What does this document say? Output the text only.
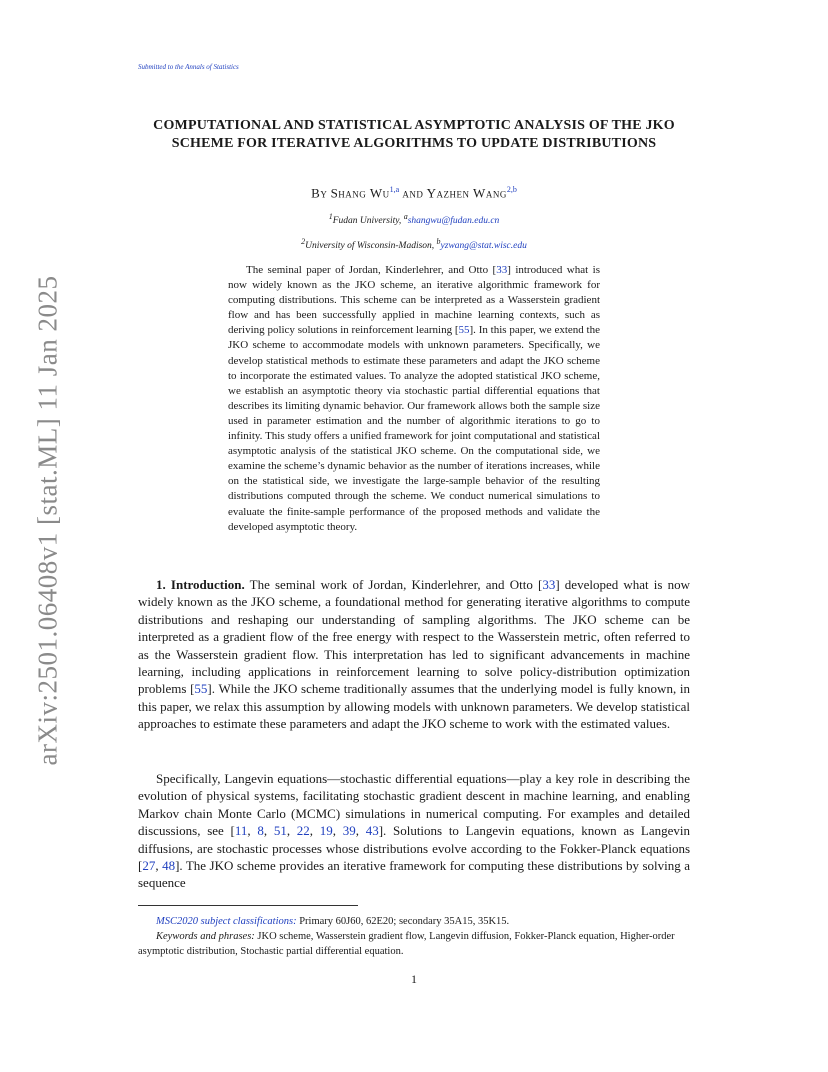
Submitted to the Annals of Statistics
arXiv:2501.06408v1 [stat.ML] 11 Jan 2025
COMPUTATIONAL AND STATISTICAL ASYMPTOTIC ANALYSIS OF THE JKO SCHEME FOR ITERATIVE ALGORITHMS TO UPDATE DISTRIBUTIONS
By Shang Wu$^{1,a}$ and Yazhen Wang$^{2,b}$
$^1$Fudan University, $^a$shangwu@fudan.edu.cn
$^2$University of Wisconsin-Madison, $^b$yzwang@stat.wisc.edu
The seminal paper of Jordan, Kinderlehrer, and Otto [33] introduced what is now widely known as the JKO scheme, an iterative algorithmic framework for computing distributions. This scheme can be interpreted as a Wasserstein gradient flow and has been successfully applied in machine learning contexts, such as deriving policy solutions in reinforcement learning [55]. In this paper, we extend the JKO scheme to accommodate models with unknown parameters. Specifically, we develop statistical methods to estimate these parameters and adapt the JKO scheme to incorporate the estimated values. To analyze the adopted statistical JKO scheme, we establish an asymptotic theory via stochastic partial differential equations that describes its limiting dynamic behavior. Our framework allows both the sample size used in parameter estimation and the number of algorithmic iterations to go to infinity. This study offers a unified framework for joint computational and statistical asymptotic analysis of the statistical JKO scheme. On the computational side, we examine the scheme’s dynamic behavior as the number of iterations increases, while on the statistical side, we investigate the large-sample behavior of the resulting distributions computed through the scheme. We conduct numerical simulations to evaluate the finite-sample performance of the proposed methods and validate the developed asymptotic theory.
1. Introduction. The seminal work of Jordan, Kinderlehrer, and Otto [33] developed what is now widely known as the JKO scheme, a foundational method for generating iterative algorithms to compute distributions and reshaping our understanding of sampling algorithms. The JKO scheme can be interpreted as a gradient flow of the free energy with respect to the Wasserstein metric, often referred to as the Wasserstein gradient flow. This interpretation has led to significant advancements in machine learning, including applications in reinforcement learning to solve policy-distribution optimization problems [55]. While the JKO scheme traditionally assumes that the underlying model is fully known, in this paper, we relax this assumption by allowing models with unknown parameters. We develop statistical approaches to estimate these parameters and adapt the JKO scheme to work with the estimated values.
Specifically, Langevin equations—stochastic differential equations—play a key role in describing the evolution of physical systems, facilitating stochastic gradient descent in machine learning, and enabling Markov chain Monte Carlo (MCMC) simulations in numerical computing. For examples and detailed discussions, see [11, 8, 51, 22, 19, 39, 43]. Solutions to Langevin equations, known as Langevin diffusions, are stochastic processes whose distributions evolve according to the Fokker-Planck equations [27, 48]. The JKO scheme provides an iterative framework for computing these distributions by solving a sequence
MSC2020 subject classifications: Primary 60J60, 62E20; secondary 35A15, 35K15.
Keywords and phrases: JKO scheme, Wasserstein gradient flow, Langevin diffusion, Fokker-Planck equation, Higher-order asymptotic distribution, Stochastic partial differential equation.
1
